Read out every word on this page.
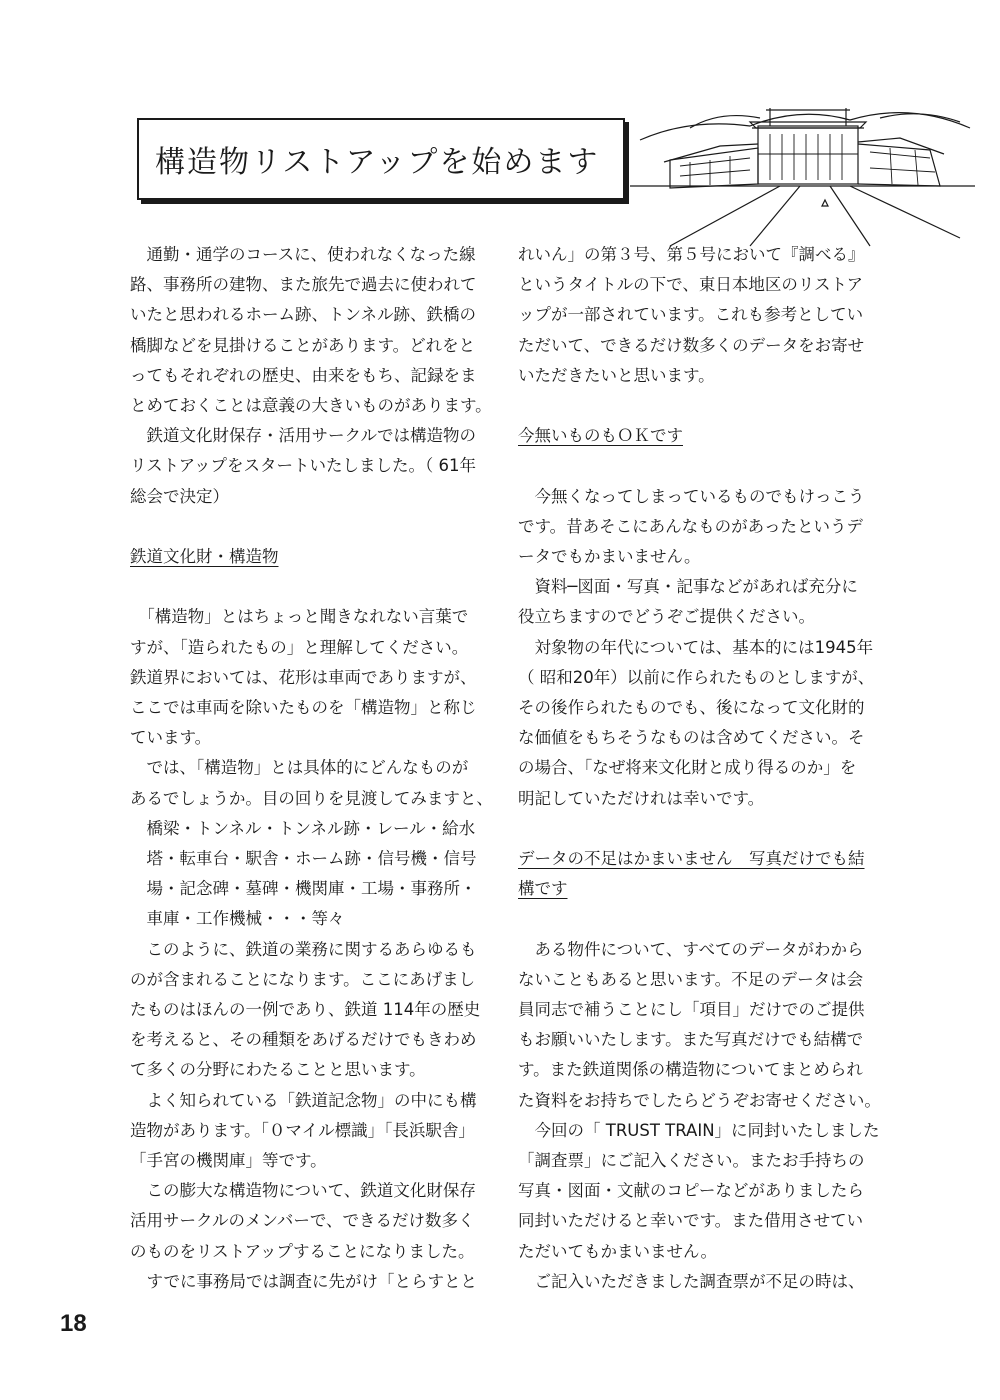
構造物リストアップを始めます

　通勤・通学のコースに、使われなくなった線

路、事務所の建物、また旅先で過去に使われて

いたと思われるホーム跡、トンネル跡、鉄橋の

橋脚などを見掛けることがあります。どれをと

ってもそれぞれの歴史、由来をもち、記録をま

とめておくことは意義の大きいものがあります。

　鉄道文化財保存・活用サークルでは構造物の

リストアップをスタートいたしました。（ 61年

総会で決定）

鉄道文化財・構造物

　「構造物」とはちょっと聞きなれない言葉で

すが、「造られたもの」と理解してください。

鉄道界においては、花形は車両でありますが、

ここでは車両を除いたものを「構造物」と称じ

ています。

　では、「構造物」とは具体的にどんなものが

あるでしょうか。目の回りを見渡してみますと、

　橋梁・トンネル・トンネル跡・レール・給水

　塔・転車台・駅舎・ホーム跡・信号機・信号

　場・記念碑・墓碑・機関庫・工場・事務所・

　車庫・工作機械・・・等々

　このように、鉄道の業務に関するあらゆるも

のが含まれることになります。ここにあげまし

たものはほんの一例であり、鉄道 114年の歴史

を考えると、その種類をあげるだけでもきわめ

て多くの分野にわたることと思います。

　よく知られている「鉄道記念物」の中にも構

造物があります。「０マイル標識」「長浜駅舎」

「手宮の機関庫」等です。

　この膨大な構造物について、鉄道文化財保存

活用サークルのメンバーで、できるだけ数多く

のものをリストアップすることになりました。

　すでに事務局では調査に先がけ「とらすとと

れいん」の第３号、第５号において『調べる』

というタイトルの下で、東日本地区のリストア

ップが一部されています。これも参考としてい

ただいて、できるだけ数多くのデータをお寄せ

いただきたいと思います。

今無いものもＯＫです

　今無くなってしまっているものでもけっこう

です。昔あそこにあんなものがあったというデ

ータでもかまいません。

　資料─図面・写真・記事などがあれば充分に

役立ちますのでどうぞご提供ください。

　対象物の年代については、基本的には1945年

（ 昭和20年）以前に作られたものとしますが、

その後作られたものでも、後になって文化財的

な価値をもちそうなものは含めてください。そ

の場合、「なぜ将来文化財と成り得るのか」を

明記していただけれは幸いです。

データの不足はかまいません　写真だけでも結

構です

　ある物件について、すべてのデータがわから

ないこともあると思います。不足のデータは会

員同志で補うことにし「項目」だけでのご提供

もお願いいたします。また写真だけでも結構で

す。また鉄道関係の構造物についてまとめられ

た資料をお持ちでしたらどうぞお寄せください。

　今回の「 TRUST TRAIN」に同封いたしました

「調査票」にご記入ください。またお手持ちの

写真・図面・文献のコピーなどがありましたら

同封いただけると幸いです。また借用させてい

ただいてもかまいません。

　ご記入いただきました調査票が不足の時は、

18
